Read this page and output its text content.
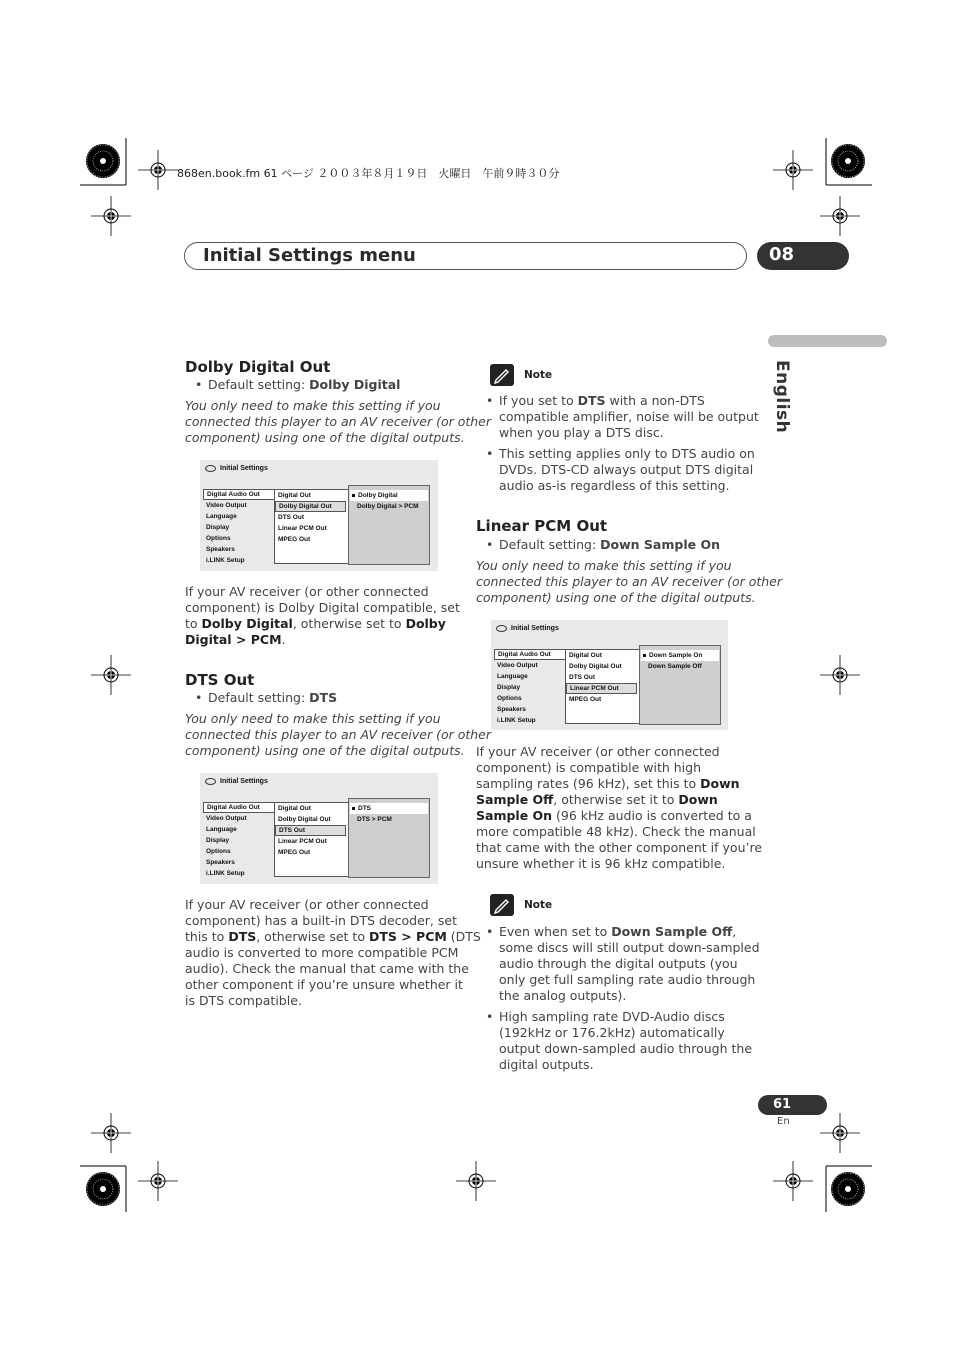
868en.book.fm 61 ページ ２００３年８月１９日　火曜日　午前９時３０分
Initial Settings menu	08
English
Dolby Digital Out
• Default setting: Dolby Digital
You only need to make this setting if you
connected this player to an AV receiver (or other
component) using one of the digital outputs.
Initial Settings
Digital Audio Out
Video Output
Language
Display
Options
Speakers
i.LINK Setup
Digital Out
Dolby Digital Out
DTS Out
Linear PCM Out
MPEG Out
Dolby Digital
Dolby Digital > PCM
If your AV receiver (or other connected
component) is Dolby Digital compatible, set
to Dolby Digital, otherwise set to Dolby
Digital > PCM.
DTS Out
• Default setting: DTS
You only need to make this setting if you
connected this player to an AV receiver (or other
component) using one of the digital outputs.
Initial Settings
Digital Audio Out
Video Output
Language
Display
Options
Speakers
i.LINK Setup
Digital Out
Dolby Digital Out
DTS Out
Linear PCM Out
MPEG Out
DTS
DTS > PCM
If your AV receiver (or other connected
component) has a built-in DTS decoder, set
this to DTS, otherwise set to DTS > PCM (DTS
audio is converted to more compatible PCM
audio). Check the manual that came with the
other component if you’re unsure whether it
is DTS compatible.
Note
• If you set to DTS with a non-DTS
compatible amplifier, noise will be output
when you play a DTS disc.
• This setting applies only to DTS audio on
DVDs. DTS-CD always output DTS digital
audio as-is regardless of this setting.
Linear PCM Out
• Default setting: Down Sample On
You only need to make this setting if you
connected this player to an AV receiver (or other
component) using one of the digital outputs.
Initial Settings
Digital Audio Out
Video Output
Language
Display
Options
Speakers
i.LINK Setup
Digital Out
Dolby Digital Out
DTS Out
Linear PCM Out
MPEG Out
Down Sample On
Down Sample Off
If your AV receiver (or other connected
component) is compatible with high
sampling rates (96 kHz), set this to Down
Sample Off, otherwise set it to Down
Sample On (96 kHz audio is converted to a
more compatible 48 kHz). Check the manual
that came with the other component if you’re
unsure whether it is 96 kHz compatible.
Note
• Even when set to Down Sample Off,
some discs will still output down-sampled
audio through the digital outputs (you
only get full sampling rate audio through
the analog outputs).
• High sampling rate DVD-Audio discs
(192kHz or 176.2kHz) automatically
output down-sampled audio through the
digital outputs.
61
En
